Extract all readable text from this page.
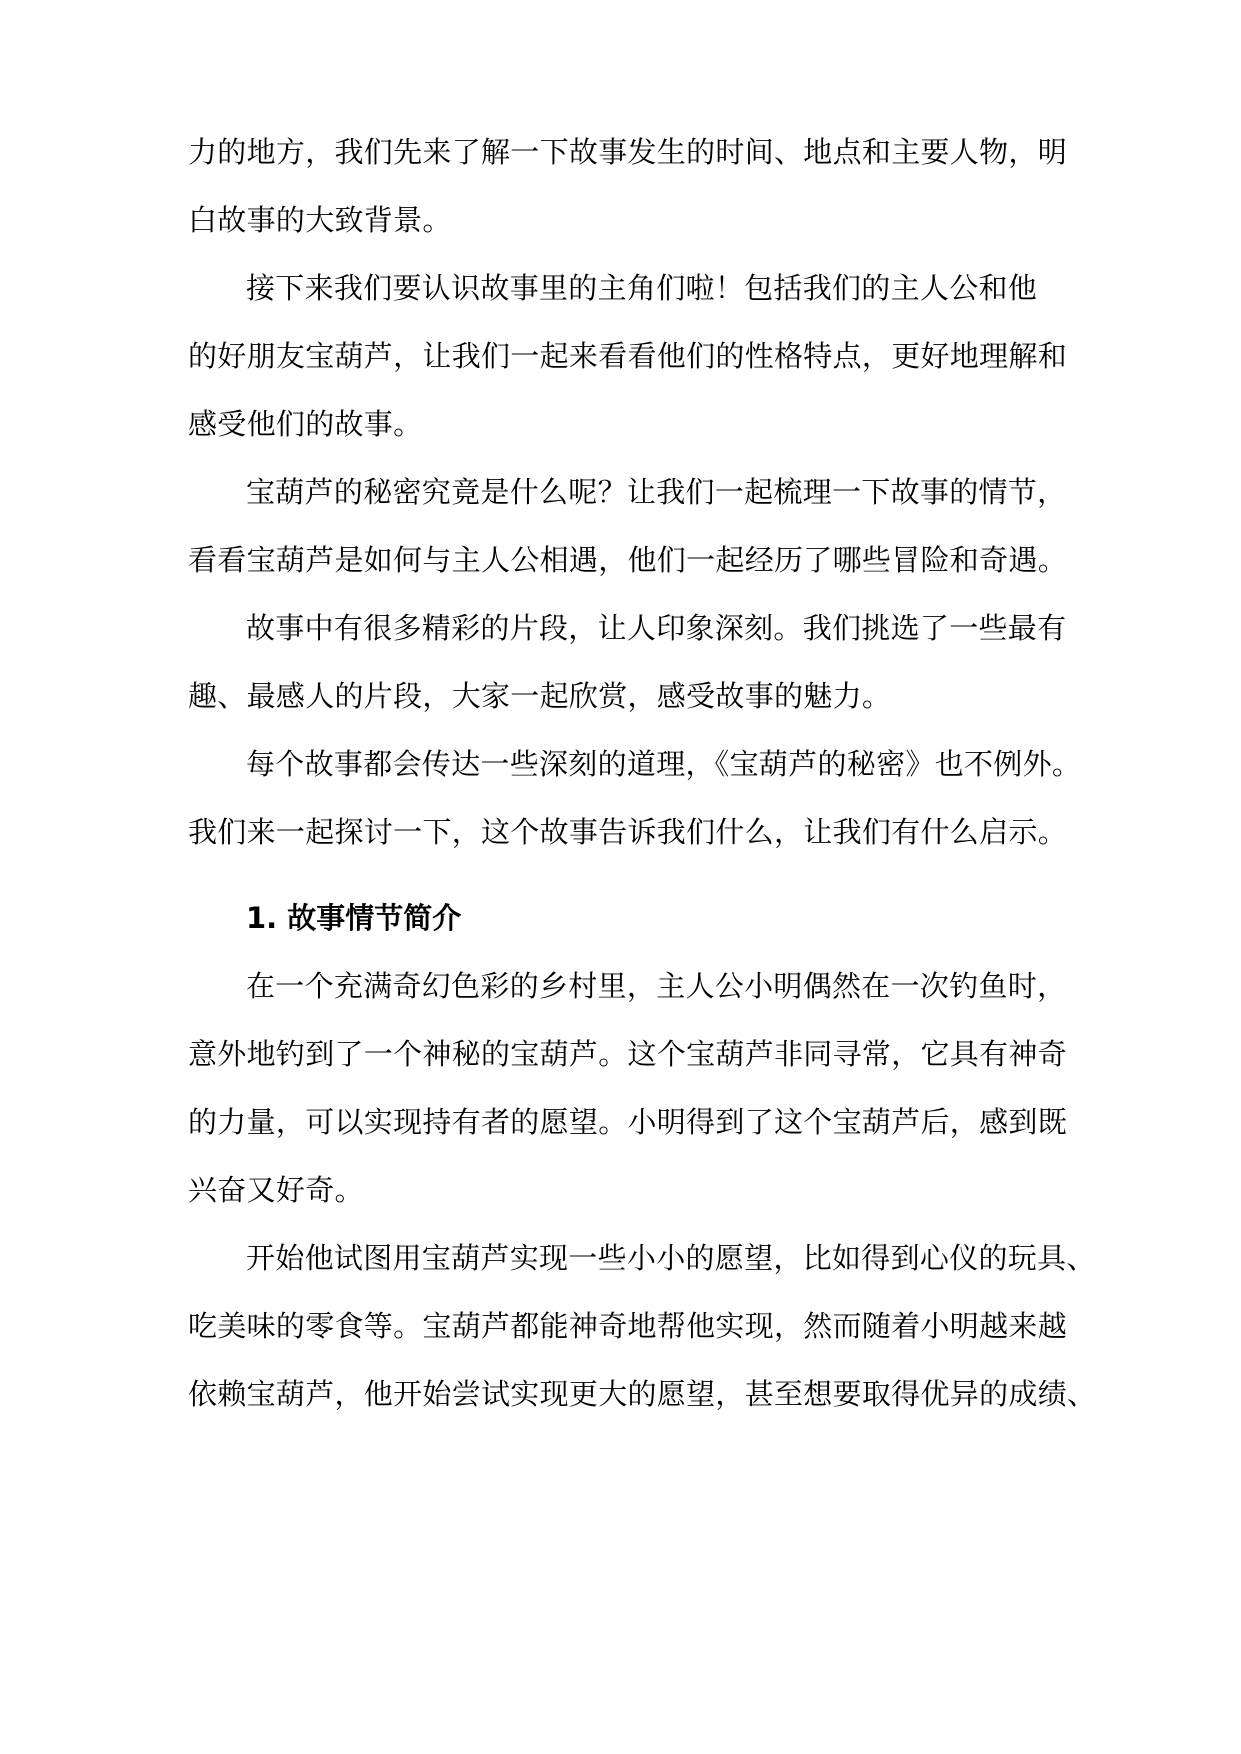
力的地方，我们先来了解一下故事发生的时间、地点和主要人物，明
白故事的大致背景。
接下来我们要认识故事里的主角们啦！包括我们的主人公和他
的好朋友宝葫芦，让我们一起来看看他们的性格特点，更好地理解和
感受他们的故事。
宝葫芦的秘密究竟是什么呢？让我们一起梳理一下故事的情节，
看看宝葫芦是如何与主人公相遇，他们一起经历了哪些冒险和奇遇。
故事中有很多精彩的片段，让人印象深刻。我们挑选了一些最有
趣、最感人的片段，大家一起欣赏，感受故事的魅力。
每个故事都会传达一些深刻的道理，《宝葫芦的秘密》也不例外。
我们来一起探讨一下，这个故事告诉我们什么，让我们有什么启示。
1. 故事情节简介
在一个充满奇幻色彩的乡村里，主人公小明偶然在一次钓鱼时，
意外地钓到了一个神秘的宝葫芦。这个宝葫芦非同寻常，它具有神奇
的力量，可以实现持有者的愿望。小明得到了这个宝葫芦后，感到既
兴奋又好奇。
开始他试图用宝葫芦实现一些小小的愿望，比如得到心仪的玩具、
吃美味的零食等。宝葫芦都能神奇地帮他实现，然而随着小明越来越
依赖宝葫芦，他开始尝试实现更大的愿望，甚至想要取得优异的成绩、
